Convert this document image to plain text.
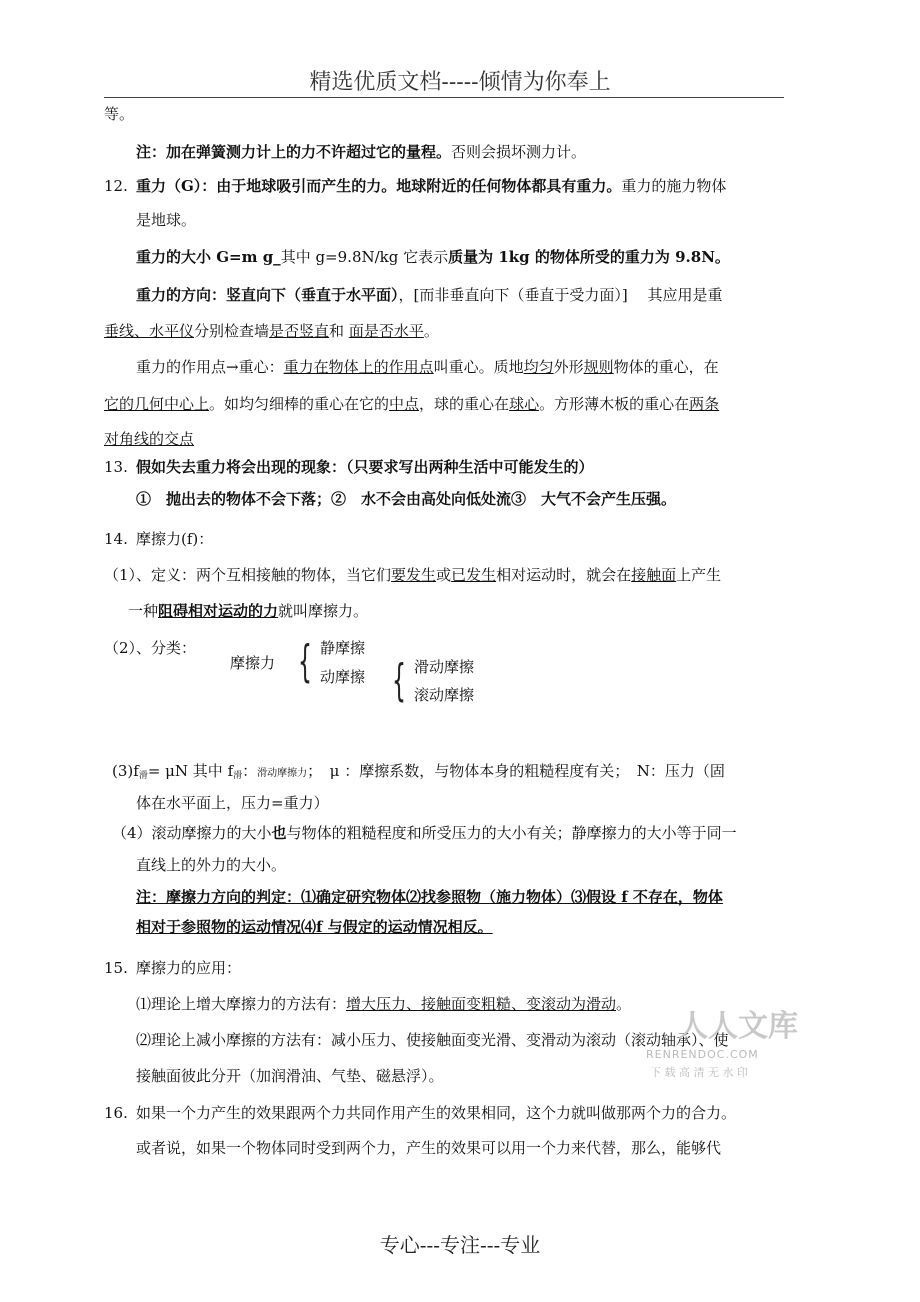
精选优质文档-----倾情为你奉上
等。
注：加在弹簧测力计上的力不许超过它的量程。否则会损坏测力计。
12. 重力（G）：由于地球吸引而产生的力。地球附近的任何物体都具有重力。重力的施力物体
是地球。
重力的大小 G=m g_其中 g=9.8N/kg 它表示质量为 1kg 的物体所受的重力为 9.8N。
重力的方向：竖直向下（垂直于水平面），[而非垂直向下（垂直于受力面）]　 其应用是重
垂线、水平仪分别检查墙是否竖直和 面是否水平。
重力的作用点→重心：重力在物体上的作用点叫重心。质地均匀外形规则物体的重心，在
它的几何中心上。如均匀细棒的重心在它的中点，球的重心在球心。方形薄木板的重心在两条
对角线的交点
13. 假如失去重力将会出现的现象：（只要求写出两种生活中可能发生的）
①　抛出去的物体不会下落；②　水不会由高处向低处流③　大气不会产生压强。
14. 摩擦力(f)：
（1）、定义：两个互相接触的物体，当它们要发生或已发生相对运动时，就会在接触面上产生
一种阻碍相对运动的力就叫摩擦力。
（2）、分类：
摩擦力 { 静摩擦
动摩擦 { 滑动摩擦
滚动摩擦
$(3)f_滑= \mu N$ 其中 $f_滑$：滑动摩擦力；　μ ：摩擦系数，与物体本身的粗糙程度有关；　N：压力（固
体在水平面上，压力=重力）
（4）滚动摩擦力的大小也与物体的粗糙程度和所受压力的大小有关；静摩擦力的大小等于同一
直线上的外力的大小。
注：摩擦力方向的判定：⑴确定研究物体⑵找参照物（施力物体）⑶假设 f 不存在，物体
相对于参照物的运动情况⑷f 与假定的运动情况相反。
15. 摩擦力的应用：
⑴理论上增大摩擦力的方法有：增大压力、接触面变粗糙、变滚动为滑动。
⑵理论上减小摩擦的方法有：减小压力、使接触面变光滑、变滑动为滚动（滚动轴承）、使
接触面彼此分开（加润滑油、气垫、磁悬浮）。
16. 如果一个力产生的效果跟两个力共同作用产生的效果相同，这个力就叫做那两个力的合力。
或者说，如果一个物体同时受到两个力，产生的效果可以用一个力来代替，那么，能够代
人人文库
RENRENDOC.COM
下 载 高 清 无 水 印
专心---专注---专业
